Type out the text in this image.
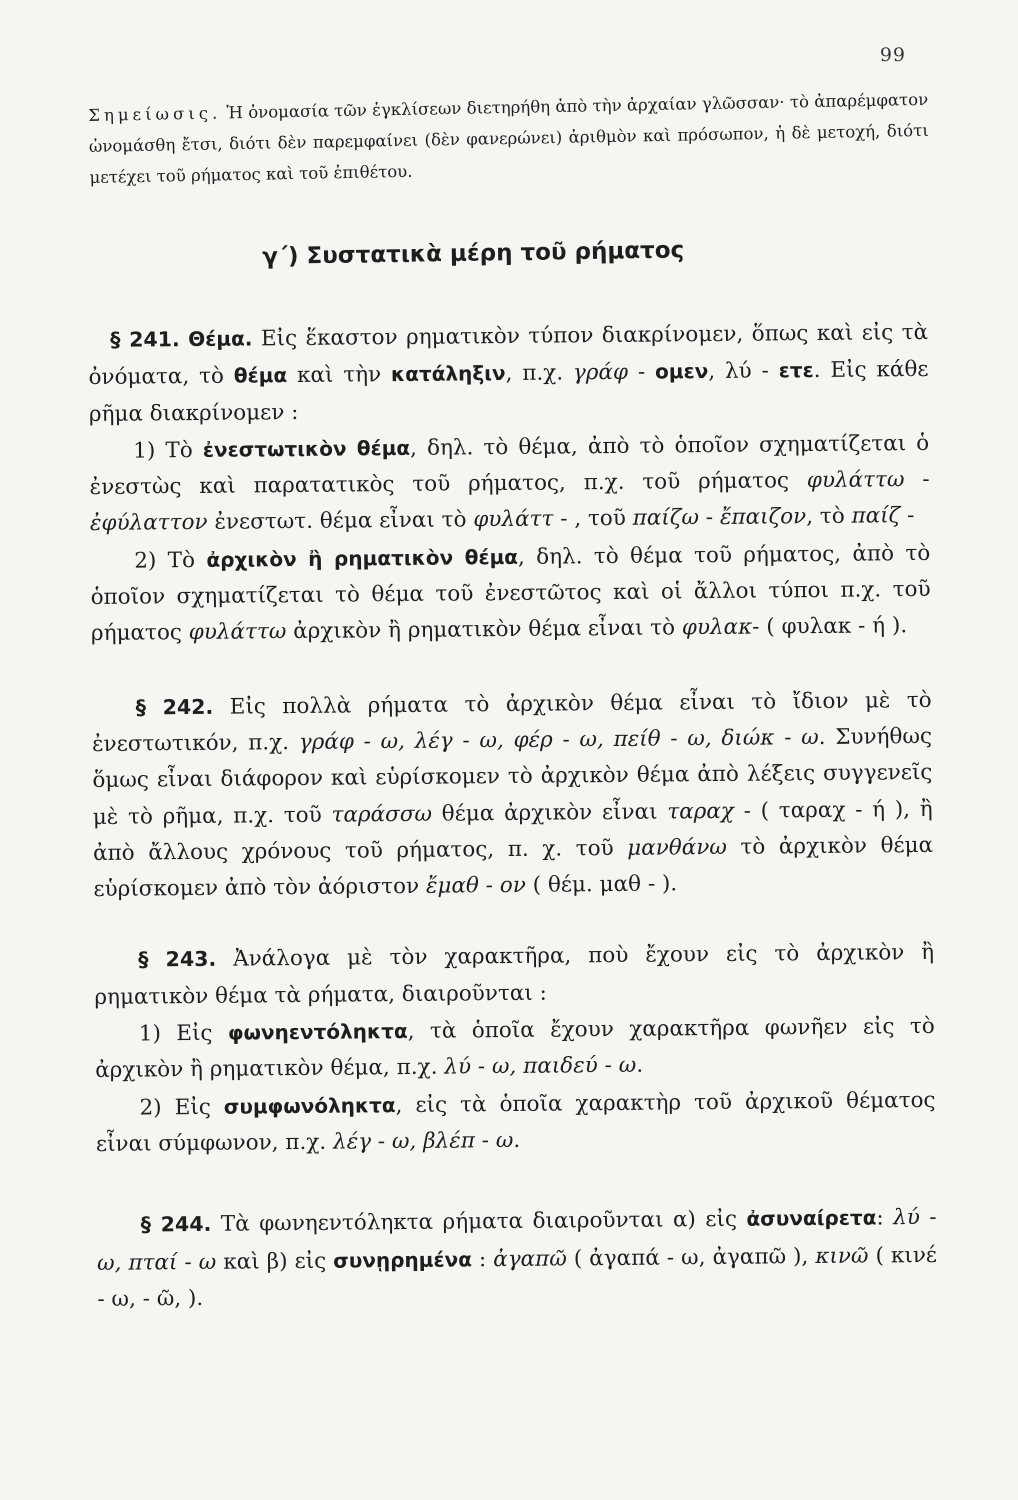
99
Σημείωσις. Ἡ ὀνομασία τῶν ἐγκλίσεων διετηρήθη ἀπὸ τὴν ἀρχαίαν γλῶσσαν· τὸ ἀπαρέμφατον ὠνομάσθη ἔτσι, διότι δὲν παρεμφαίνει (δὲν φανερώνει) ἀριθμὸν καὶ πρόσωπον, ἡ δὲ μετοχή, διότι μετέχει τοῦ ρήματος καὶ τοῦ ἐπιθέτου.
γ΄) Συστατικὰ μέρη τοῦ ρήματος

§ 241. Θέμα. Εἰς ἕκαστον ρηματικὸν τύπον διακρίνομεν, ὅπως καὶ εἰς τὰ ὀνόματα, τὸ θέμα καὶ τὴν κατάληξιν, π.χ. γράφ - ομεν, λύ - ετε. Εἰς κάθε ρῆμα διακρίνομεν :

1) Τὸ ἐνεστωτικὸν θέμα, δηλ. τὸ θέμα, ἀπὸ τὸ ὁποῖον σχηματίζεται ὁ ἐνεστὼς καὶ παρατατικὸς τοῦ ρήματος, π.χ. τοῦ ρήματος φυλάττω - ἐφύλαττον ἐνεστωτ. θέμα εἶναι τὸ φυλάττ - , τοῦ παίζω - ἔπαιζον, τὸ παίζ -

2) Τὸ ἀρχικὸν ἢ ρηματικὸν θέμα, δηλ. τὸ θέμα τοῦ ρήματος, ἀπὸ τὸ ὁποῖον σχηματίζεται τὸ θέμα τοῦ ἐνεστῶτος καὶ οἱ ἄλλοι τύποι π.χ. τοῦ ρήματος φυλάττω ἀρχικὸν ἢ ρηματικὸν θέμα εἶναι τὸ φυλακ- ( φυλακ - ή ).

§ 242. Εἰς πολλὰ ρήματα τὸ ἀρχικὸν θέμα εἶναι τὸ ἴδιον μὲ τὸ ἐνεστωτικόν, π.χ. γράφ - ω, λέγ - ω, φέρ - ω, πείθ - ω, διώκ - ω. Συνήθως ὅμως εἶναι διάφορον καὶ εὑρίσκομεν τὸ ἀρχικὸν θέμα ἀπὸ λέξεις συγγενεῖς μὲ τὸ ρῆμα, π.χ. τοῦ ταράσσω θέμα ἀρχικὸν εἶναι ταραχ - ( ταραχ - ή ), ἢ ἀπὸ ἄλλους χρόνους τοῦ ρήματος, π. χ. τοῦ μανθάνω τὸ ἀρχικὸν θέμα εὑρίσκομεν ἀπὸ τὸν ἀόριστον ἔμαθ - ον ( θέμ. μαθ - ).

§ 243. Ἀνάλογα μὲ τὸν χαρακτῆρα, ποὺ ἔχουν εἰς τὸ ἀρχικὸν ἢ ρηματικὸν θέμα τὰ ρήματα, διαιροῦνται :

1) Εἰς φωνηεντόληκτα, τὰ ὁποῖα ἔχουν χαρακτῆρα φωνῆεν εἰς τὸ ἀρχικὸν ἢ ρηματικὸν θέμα, π.χ. λύ - ω, παιδεύ - ω.

2) Εἰς συμφωνόληκτα, εἰς τὰ ὁποῖα χαρακτὴρ τοῦ ἀρχικοῦ θέματος εἶναι σύμφωνον, π.χ. λέγ - ω, βλέπ - ω.

§ 244. Τὰ φωνηεντόληκτα ρήματα διαιροῦνται α) εἰς ἀσυναίρετα: λύ - ω, πταί - ω καὶ β) εἰς συνῃρημένα : ἀγαπῶ ( ἀγαπά - ω, ἀγαπῶ ), κινῶ ( κινέ - ω, - ῶ, ).
